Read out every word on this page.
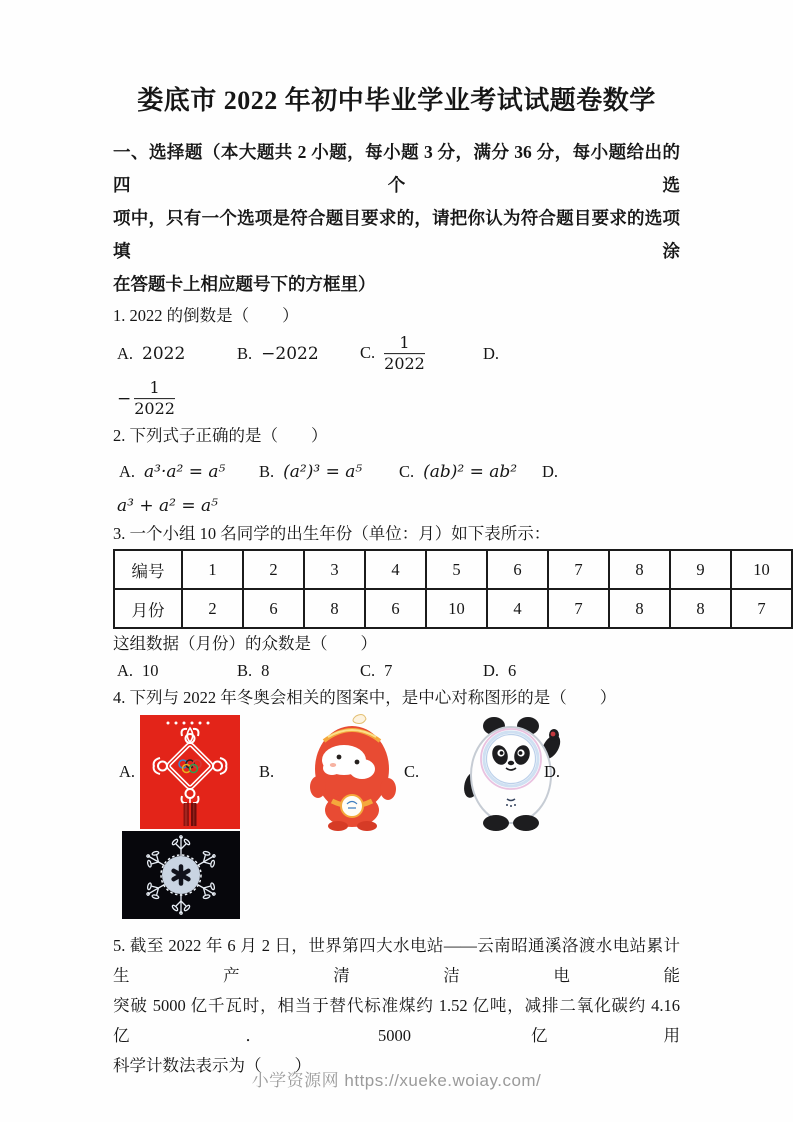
娄底市 2022 年初中毕业学业考试试题卷数学
一、选择题（本大题共 2 小题，每小题 3 分，满分 36 分，每小题给出的四个选
项中，只有一个选项是符合题目要求的，请把你认为符合题目要求的选项填涂
在答题卡上相应题号下的方框里）

1. 2022 的倒数是（　　）

A. 2022	B. −2022	C. $\frac{1}{2022}$	D.
− $\frac{1}{2022}$

2. 下列式子正确的是（　　）

A. a³·a² = a⁵ B. (a²)³ = a⁵ C. (ab)² = ab² D.
a³ + a² = a⁵

3. 一个小组 10 名同学的出生年份（单位：月）如下表所示：

编号	1	2	3	4	5	6	7	8	9	10
月份	2	6	8	6	10	4	7	8	8	7

这组数据（月份）的众数是（　　）

A. 10	B. 8	C. 7	D. 6

4. 下列与 2022 年冬奥会相关的图案中，是中心对称图形的是（　　）

A.	B.	C.	D.
5. 截至 2022 年 6 月 2 日，世界第四大水电站——云南昭通溪洛渡水电站累计生产清洁电能
突破 5000 亿千瓦时，相当于替代标准煤约 1.52 亿吨，减排二氧化碳约 4.16 亿．5000 亿用
科学计数法表示为（　　）
小学资源网 https://xueke.woiay.com/
